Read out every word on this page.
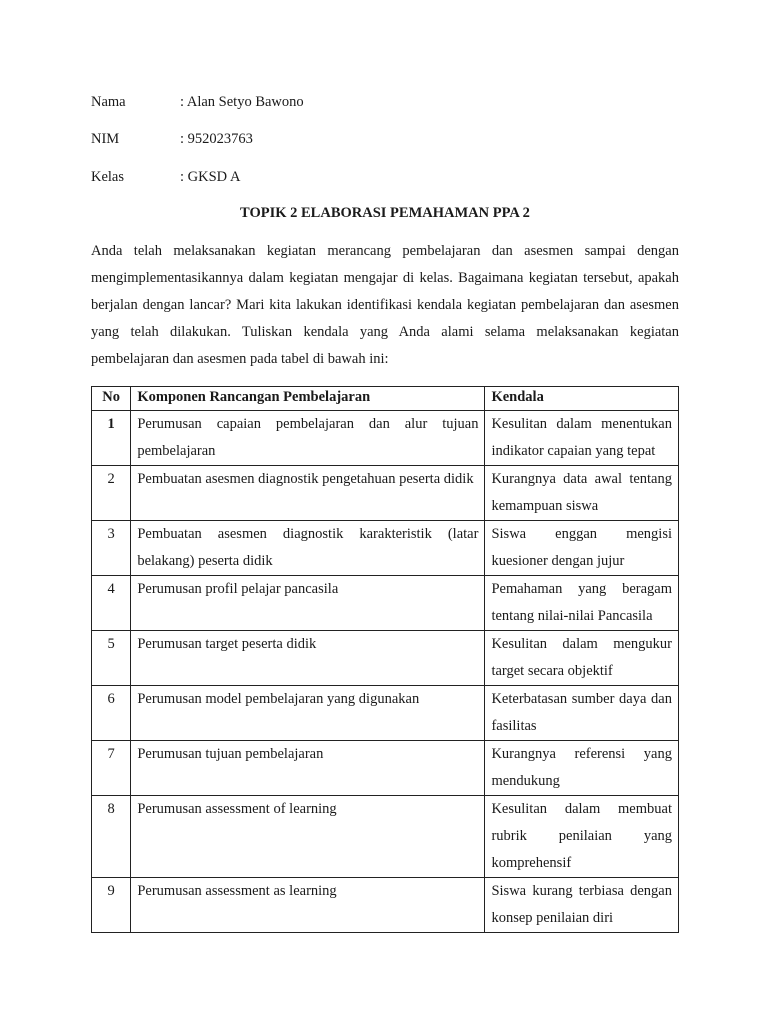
Nama	: Alan Setyo Bawono
NIM	: 952023763
Kelas	: GKSD A
TOPIK 2 ELABORASI PEMAHAMAN PPA 2

Anda telah melaksanakan kegiatan merancang pembelajaran dan asesmen sampai dengan mengimplementasikannya dalam kegiatan mengajar di kelas. Bagaimana kegiatan tersebut, apakah berjalan dengan lancar? Mari kita lakukan identifikasi kendala kegiatan pembelajaran dan asesmen yang telah dilakukan. Tuliskan kendala yang Anda alami selama melaksanakan kegiatan pembelajaran dan asesmen pada tabel di bawah ini:

No	Komponen Rancangan Pembelajaran	Kendala
1	Perumusan capaian pembelajaran dan alur tujuan pembelajaran	Kesulitan dalam menentukan indikator capaian yang tepat
2	Pembuatan asesmen diagnostik pengetahuan peserta didik	Kurangnya data awal tentang kemampuan siswa
3	Pembuatan asesmen diagnostik karakteristik (latar belakang) peserta didik	Siswa enggan mengisi kuesioner dengan jujur
4	Perumusan profil pelajar pancasila	Pemahaman yang beragam tentang nilai-nilai Pancasila
5	Perumusan target peserta didik	Kesulitan dalam mengukur target secara objektif
6	Perumusan model pembelajaran yang digunakan	Keterbatasan sumber daya dan fasilitas
7	Perumusan tujuan pembelajaran	Kurangnya referensi yang mendukung
8	Perumusan assessment of learning	Kesulitan dalam membuat rubrik penilaian yang komprehensif
9	Perumusan assessment as learning	Siswa kurang terbiasa dengan konsep penilaian diri
